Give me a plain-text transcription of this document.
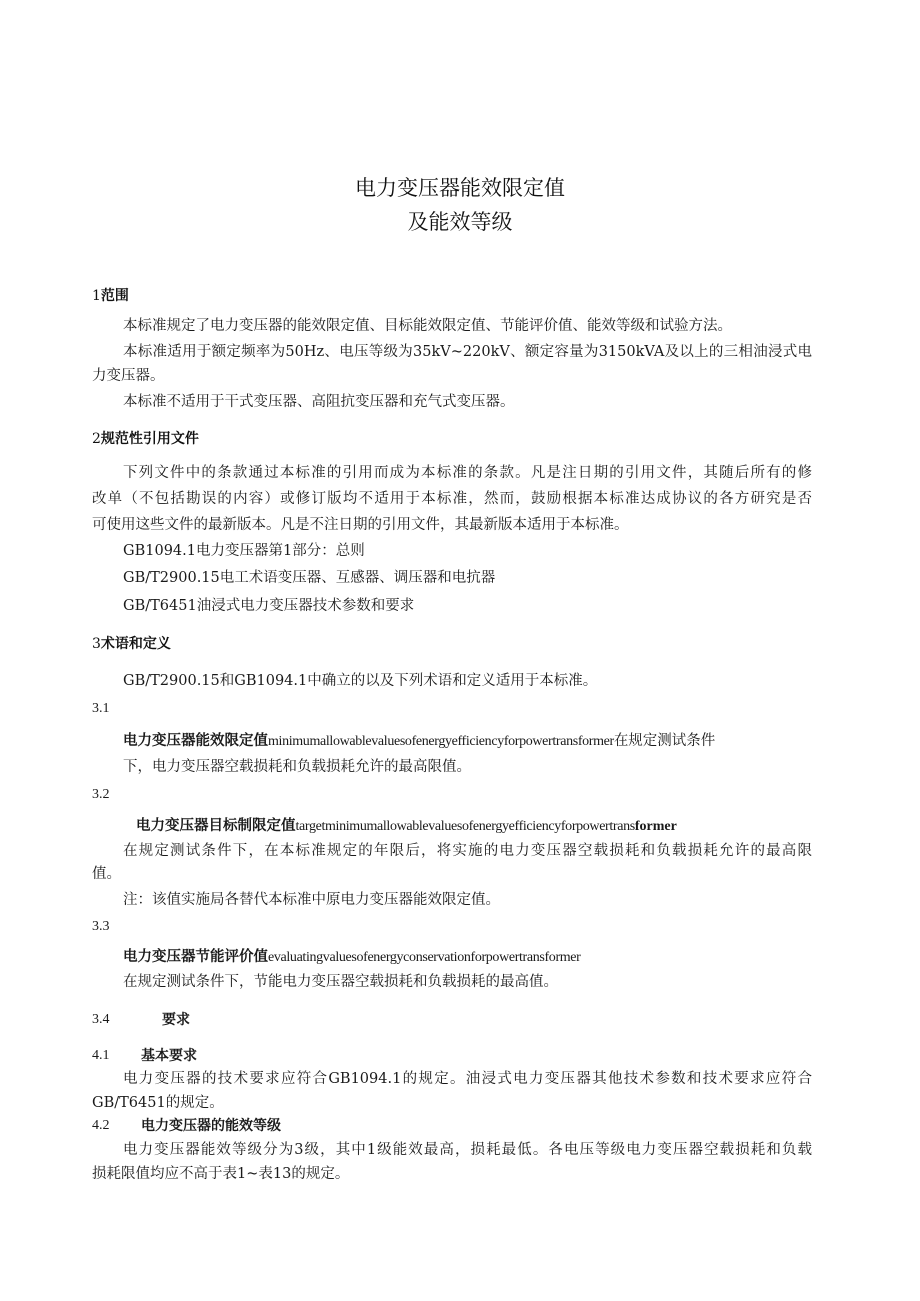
电力变压器能效限定值
及能效等级
1范围
本标准规定了电力变压器的能效限定值、目标能效限定值、节能评价值、能效等级和试验方法。
本标准适用于额定频率为50Hz、电压等级为35kV~220kV、额定容量为3150kVA及以上的三相油浸式电
力变压器。
本标准不适用于干式变压器、高阻抗变压器和充气式变压器。
2规范性引用文件
下列文件中的条款通过本标准的引用而成为本标准的条款。凡是注日期的引用文件，其随后所有的修
改单（不包括勘误的内容）或修订版均不适用于本标准，然而，鼓励根据本标准达成协议的各方研究是否
可使用这些文件的最新版本。凡是不注日期的引用文件，其最新版本适用于本标准。
GB1094.1电力变压器第1部分：总则
GB/T2900.15电工术语变压器、互感器、调压器和电抗器
GB/T6451油浸式电力变压器技术参数和要求
3术语和定义
GB/T2900.15和GB1094.1中确立的以及下列术语和定义适用于本标准。
3.1
电力变压器能效限定值minimumallowablevaluesofenergyefficiencyforpowertransformer在规定测试条件
下，电力变压器空载损耗和负载损耗允许的最高限值。
3.2
电力变压器目标制限定值targetminimumallowablevaluesofenergyefficiencyforpowertransformer
在规定测试条件下，在本标准规定的年限后，将实施的电力变压器空载损耗和负载损耗允许的最高限
值。
注：该值实施局各替代本标准中原电力变压器能效限定值。
3.3
电力变压器节能评价值evaluatingvaluesofenergyconservationforpowertransformer
在规定测试条件下，节能电力变压器空载损耗和负载损耗的最高值。
3.4	要求
4.1 基本要求
电力变压器的技术要求应符合GB1094.1的规定。油浸式电力变压器其他技术参数和技术要求应符合
GB/T6451的规定。
4.2 电力变压器的能效等级
电力变压器能效等级分为3级，其中1级能效最高，损耗最低。各电压等级电力变压器空载损耗和负载
损耗限值均应不高于表1~表13的规定。
